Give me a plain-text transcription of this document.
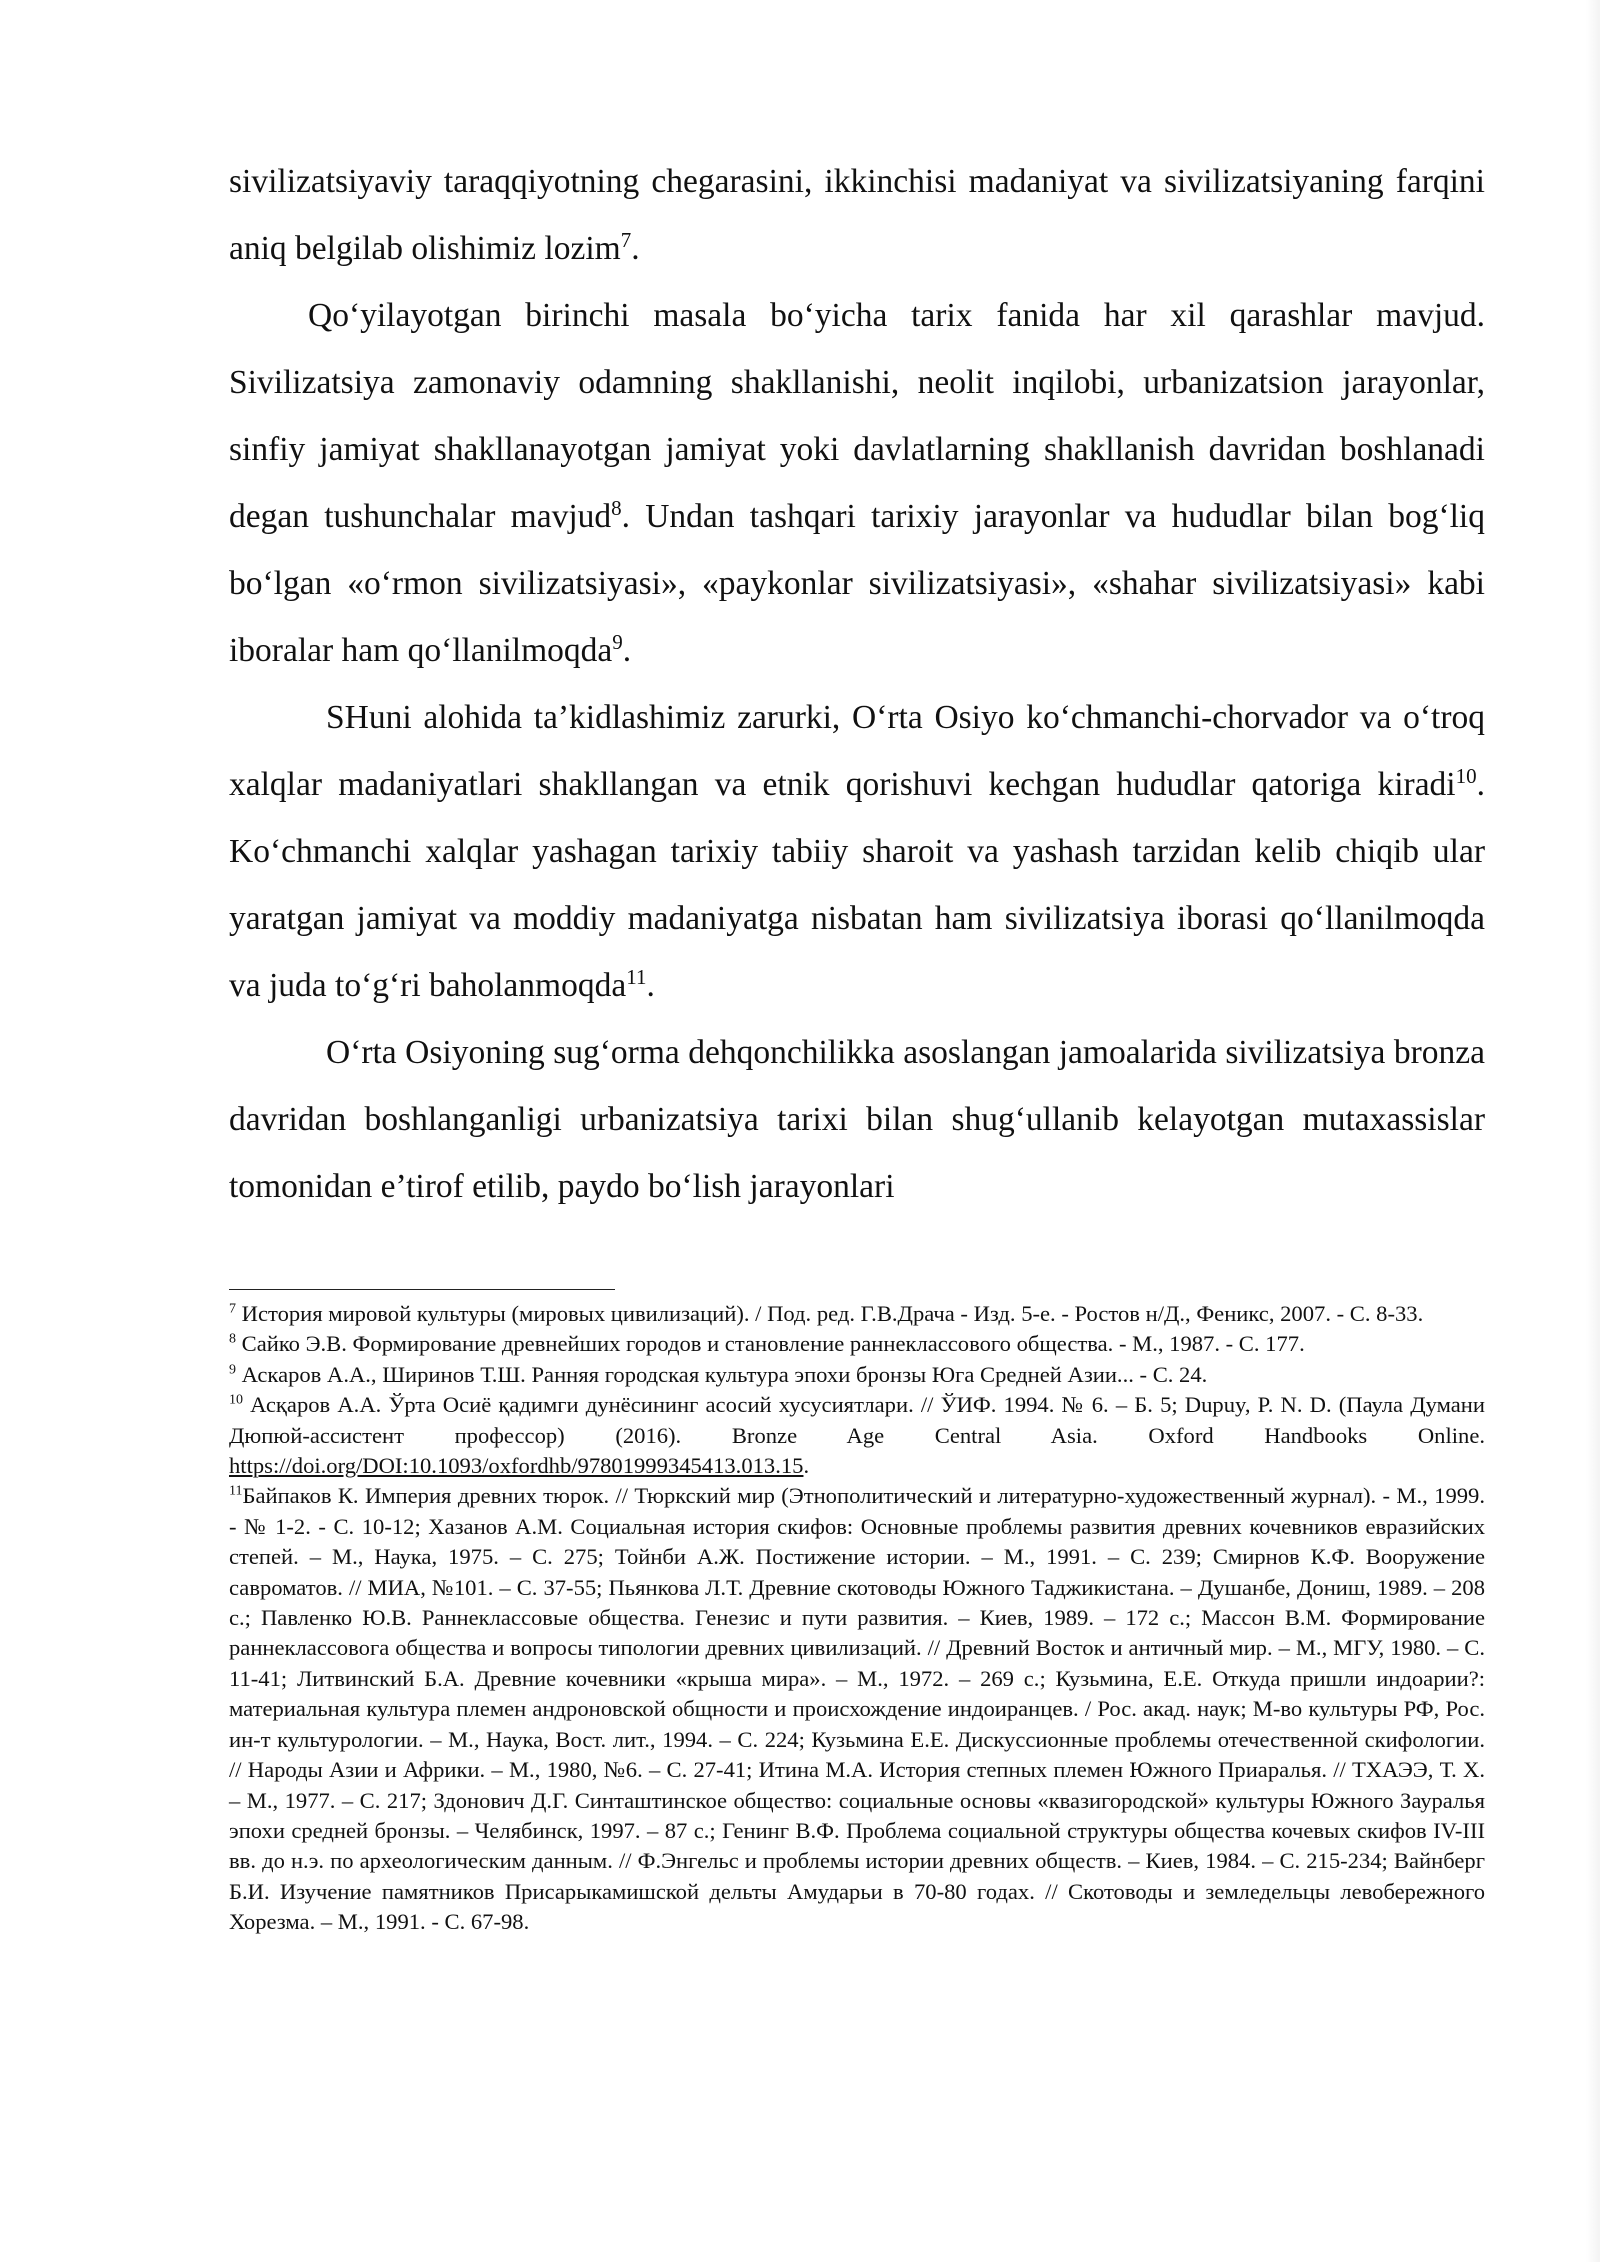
sivilizatsiyaviy taraqqiyotning chegarasini, ikkinchisi madaniyat va sivilizatsiyaning farqini aniq belgilab olishimiz lozim$^7$.

Qo‘yilayotgan birinchi masala bo‘yicha tarix fanida har xil qarashlar mavjud. Sivilizatsiya zamonaviy odamning shakllanishi, neolit inqilobi, urbanizatsion jarayonlar, sinfiy jamiyat shakllanayotgan jamiyat yoki davlatlarning shakllanish davridan boshlanadi degan tushunchalar mavjud$^8$. Undan tashqari tarixiy jarayonlar va hududlar bilan bog‘liq bo‘lgan «o‘rmon sivilizatsiyasi», «paykonlar sivilizatsiyasi», «shahar sivilizatsiyasi» kabi iboralar ham qo‘llanilmoqda$^9$.

SHuni alohida ta’kidlashimiz zarurki, O‘rta Osiyo ko‘chmanchi-chorvador va o‘troq xalqlar madaniyatlari shakllangan va etnik qorishuvi kechgan hududlar qatoriga kiradi$^{10}$. Ko‘chmanchi xalqlar yashagan tarixiy tabiiy sharoit va yashash tarzidan kelib chiqib ular yaratgan jamiyat va moddiy madaniyatga nisbatan ham sivilizatsiya iborasi qo‘llanilmoqda va juda to‘g‘ri baholanmoqda$^{11}$.

O‘rta Osiyoning sug‘orma dehqonchilikka asoslangan jamoalarida sivilizatsiya bronza davridan boshlanganligi urbanizatsiya tarixi bilan shug‘ullanib kelayotgan mutaxassislar tomonidan e’tirof etilib, paydo bo‘lish jarayonlari

$^7$ История мировой культуры (мировых цивилизаций). / Под. ред. Г.В.Драча - Изд. 5-е. - Ростов н/Д., Феникс, 2007. - С. 8-33.

$^8$ Сайко Э.В. Формирование древнейших городов и становление раннеклассового общества. - М., 1987. - С. 177.

$^9$ Аскаров А.А., Ширинов Т.Ш. Ранняя городская культура эпохи бронзы Юга Средней Азии... - С. 24.

$^{10}$ Асқаров А.А. Ўрта Осиё қадимги дунёсининг асосий хусусиятлари. // ЎИФ. 1994. № 6. – Б. 5; Dupuy, P. N. D. (Паула Думани Дюпюй-ассистент профессор) (2016). Bronze Age Central Asia. Oxford Handbooks Online. https://doi.org/DOI:10.1093/oxfordhb/97801999345413.013.15.

$^{11}$Байпаков К. Империя древних тюрок. // Тюркский мир (Этнополитический и литературно-художественный журнал). - М., 1999. - № 1-2. - С. 10-12; Хазанов А.М. Социальная история скифов: Основные проблемы развития древних кочевников евразийских степей. – М., Наука, 1975. – С. 275; Тойнби А.Ж. Постижение истории. – М., 1991. – С. 239; Смирнов К.Ф. Вооружение савроматов. // МИА, №101. – С. 37-55; Пьянкова Л.Т. Древние скотоводы Южного Таджикистана. – Душанбе, Дониш, 1989. – 208 с.; Павленко Ю.В. Раннеклассовые общества. Генезис и пути развития. – Киев, 1989. – 172 с.; Массон В.М. Формирование раннеклассовога общества и вопросы типологии древних цивилизаций. // Древний Восток и античный мир. – М., МГУ, 1980. – С. 11-41; Литвинский Б.А. Древние кочевники «крыша мира». – М., 1972. – 269 с.; Кузьмина, Е.Е. Откуда пришли индоарии?: материальная культура племен андроновской общности и происхождение индоиранцев. / Рос. акад. наук; М-во культуры РФ, Рос. ин-т культурологии. – М., Наука, Вост. лит., 1994. – С. 224; Кузьмина Е.Е. Дискуссионные проблемы отечественной скифологии. // Народы Азии и Африки. – М., 1980, №6. – С. 27-41; Итина М.А. История степных племен Южного Приаралья. // ТХАЭЭ, Т. Х. – М., 1977. – С. 217; Здонович Д.Г. Синташтинское общество: социальные основы «квазигородской» культуры Южного Зауралья эпохи средней бронзы. – Челябинск, 1997. – 87 с.; Генинг В.Ф. Проблема социальной структуры общества кочевых скифов IV-III вв. до н.э. по археологическим данным. // Ф.Энгельс и проблемы истории древних обществ. – Киев, 1984. – С. 215-234; Вайнберг Б.И. Изучение памятников Присарыкамишской дельты Амударьи в 70-80 годах. // Скотоводы и земледельцы левобережного Хорезма. – М., 1991. - С. 67-98.
